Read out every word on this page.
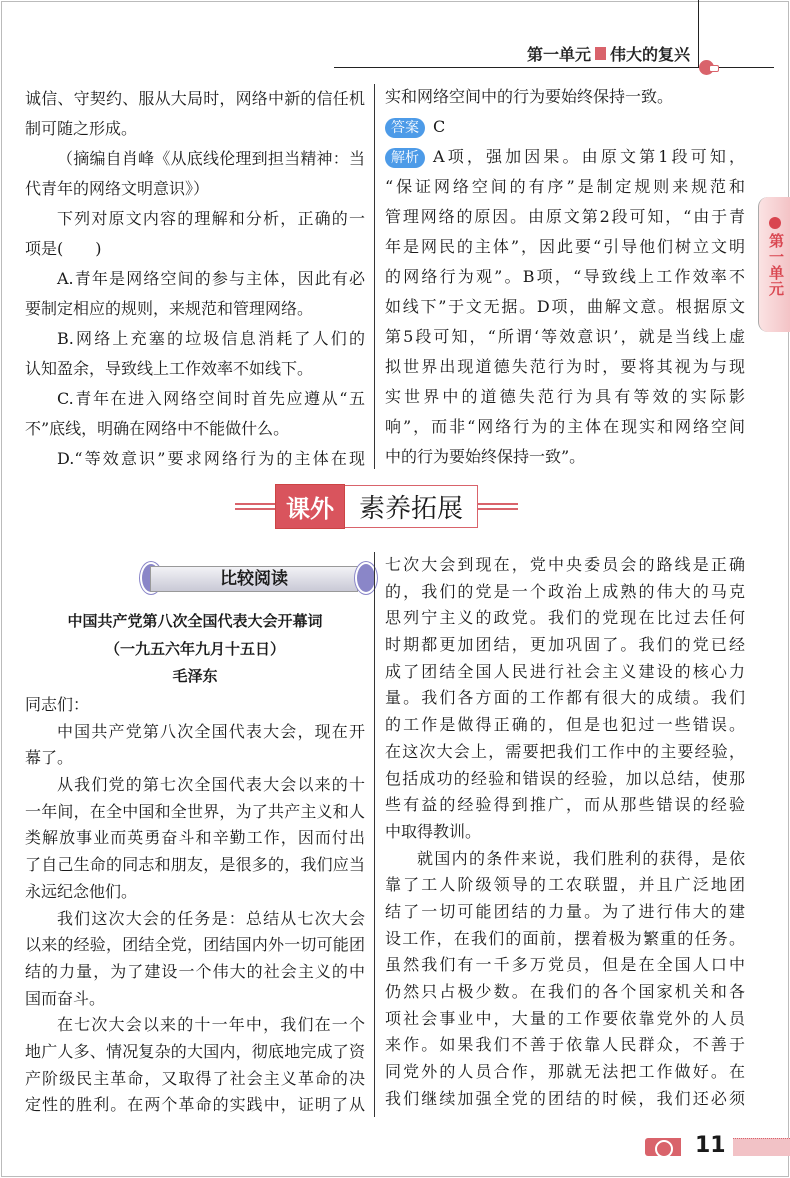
第一单元 伟大的复兴
诚信、守契约、服从大局时，网络中新的信任机
制可随之形成。
（摘编自肖峰《从底线伦理到担当精神：当
代青年的网络文明意识》）
下列对原文内容的理解和分析，正确的一
项是(　　)
A.青年是网络空间的参与主体，因此有必
要制定相应的规则，来规范和管理网络。
B.网络上充塞的垃圾信息消耗了人们的
认知盈余，导致线上工作效率不如线下。
C.青年在进入网络空间时首先应遵从“五
不”底线，明确在网络中不能做什么。
D.“等效意识”要求网络行为的主体在现
实和网络空间中的行为要始终保持一致。
答案 C
解析 A项，强加因果。由原文第1段可知，
“保证网络空间的有序”是制定规则来规范和
管理网络的原因。由原文第2段可知，“由于青
年是网民的主体”，因此要“引导他们树立文明
的网络行为观”。B项，“导致线上工作效率不
如线下”于文无据。D项，曲解文意。根据原文
第5段可知，“所谓‘等效意识’，就是当线上虚
拟世界出现道德失范行为时，要将其视为与现
实世界中的道德失范行为具有等效的实际影
响”，而非“网络行为的主体在现实和网络空间
中的行为要始终保持一致”。
第一单元
课外 素养拓展
比较阅读
中国共产党第八次全国代表大会开幕词
（一九五六年九月十五日）
毛泽东
同志们：
中国共产党第八次全国代表大会，现在开
幕了。
从我们党的第七次全国代表大会以来的十
一年间，在全中国和全世界，为了共产主义和人
类解放事业而英勇奋斗和辛勤工作，因而付出
了自己生命的同志和朋友，是很多的，我们应当
永远纪念他们。
我们这次大会的任务是：总结从七次大会
以来的经验，团结全党，团结国内外一切可能团
结的力量，为了建设一个伟大的社会主义的中
国而奋斗。
在七次大会以来的十一年中，我们在一个
地广人多、情况复杂的大国内，彻底地完成了资
产阶级民主革命，又取得了社会主义革命的决
定性的胜利。在两个革命的实践中，证明了从
七次大会到现在，党中央委员会的路线是正确
的，我们的党是一个政治上成熟的伟大的马克
思列宁主义的政党。我们的党现在比过去任何
时期都更加团结，更加巩固了。我们的党已经
成了团结全国人民进行社会主义建设的核心力
量。我们各方面的工作都有很大的成绩。我们
的工作是做得正确的，但是也犯过一些错误。
在这次大会上，需要把我们工作中的主要经验，
包括成功的经验和错误的经验，加以总结，使那
些有益的经验得到推广，而从那些错误的经验
中取得教训。
就国内的条件来说，我们胜利的获得，是依
靠了工人阶级领导的工农联盟，并且广泛地团
结了一切可能团结的力量。为了进行伟大的建
设工作，在我们的面前，摆着极为繁重的任务。
虽然我们有一千多万党员，但是在全国人口中
仍然只占极少数。在我们的各个国家机关和各
项社会事业中，大量的工作要依靠党外的人员
来作。如果我们不善于依靠人民群众，不善于
同党外的人员合作，那就无法把工作做好。在
我们继续加强全党的团结的时候，我们还必须
11
